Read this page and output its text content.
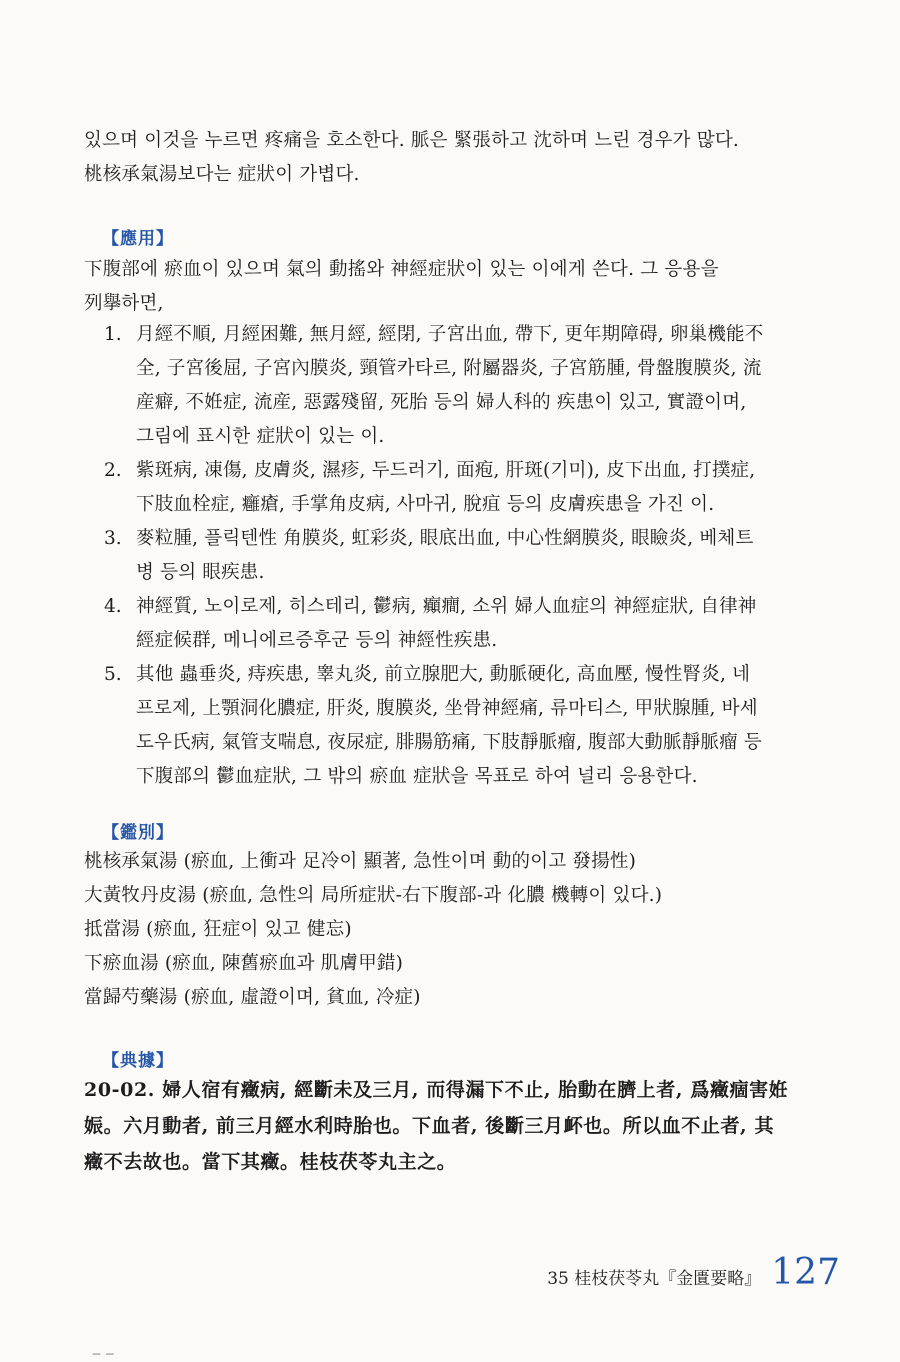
있으며 이것을 누르면 疼痛을 호소한다. 脈은 緊張하고 沈하며 느린 경우가 많다.
桃核承氣湯보다는 症狀이 가볍다.
【應用】
下腹部에 瘀血이 있으며 氣의 動搖와 神經症狀이 있는 이에게 쓴다. 그 응용을
列擧하면,
1. 月經不順, 月經困難, 無月經, 經閉, 子宮出血, 帶下, 更年期障碍, 卵巢機能不
全, 子宮後屈, 子宮內膜炎, 頸管카타르, 附屬器炎, 子宮筋腫, 骨盤腹膜炎, 流
産癖, 不姙症, 流産, 惡露殘留, 死胎 등의 婦人科的 疾患이 있고, 實證이며,
그림에 표시한 症狀이 있는 이.
2. 紫斑病, 凍傷, 皮膚炎, 濕疹, 두드러기, 面疱, 肝斑(기미), 皮下出血, 打撲症,
下肢血栓症, 癰瘡, 手掌角皮病, 사마귀, 脫疽 등의 皮膚疾患을 가진 이.
3. 麥粒腫, 플릭텐性 角膜炎, 虹彩炎, 眼底出血, 中心性網膜炎, 眼瞼炎, 베체트
병 등의 眼疾患.
4. 神經質, 노이로제, 히스테리, 鬱病, 癲癎, 소위 婦人血症의 神經症狀, 自律神
經症候群, 메니에르증후군 등의 神經性疾患.
5. 其他 蟲垂炎, 痔疾患, 睾丸炎, 前立腺肥大, 動脈硬化, 高血壓, 慢性腎炎, 네
프로제, 上顎洞化膿症, 肝炎, 腹膜炎, 坐骨神經痛, 류마티스, 甲狀腺腫, 바세
도우氏病, 氣管支喘息, 夜尿症, 腓腸筋痛, 下肢靜脈瘤, 腹部大動脈靜脈瘤 등
下腹部의 鬱血症狀, 그 밖의 瘀血 症狀을 목표로 하여 널리 응용한다.
【鑑別】
桃核承氣湯 (瘀血, 上衝과 足冷이 顯著, 急性이며 動的이고 發揚性)
大黃牧丹皮湯 (瘀血, 急性의 局所症狀-右下腹部-과 化膿 機轉이 있다.)
抵當湯 (瘀血, 狂症이 있고 健忘)
下瘀血湯 (瘀血, 陳舊瘀血과 肌膚甲錯)
當歸芍藥湯 (瘀血, 虛證이며, 貧血, 冷症)
【典據】
20-02. 婦人宿有癥病, 經斷未及三月, 而得漏下不止, 胎動在臍上者, 爲癥痼害姙
娠。六月動者, 前三月經水利時胎也。下血者, 後斷三月衃也。所以血不止者, 其
癥不去故也。當下其癥。桂枝茯苓丸主之。
35 桂枝茯苓丸『金匱要略』 127
‒ ‒
